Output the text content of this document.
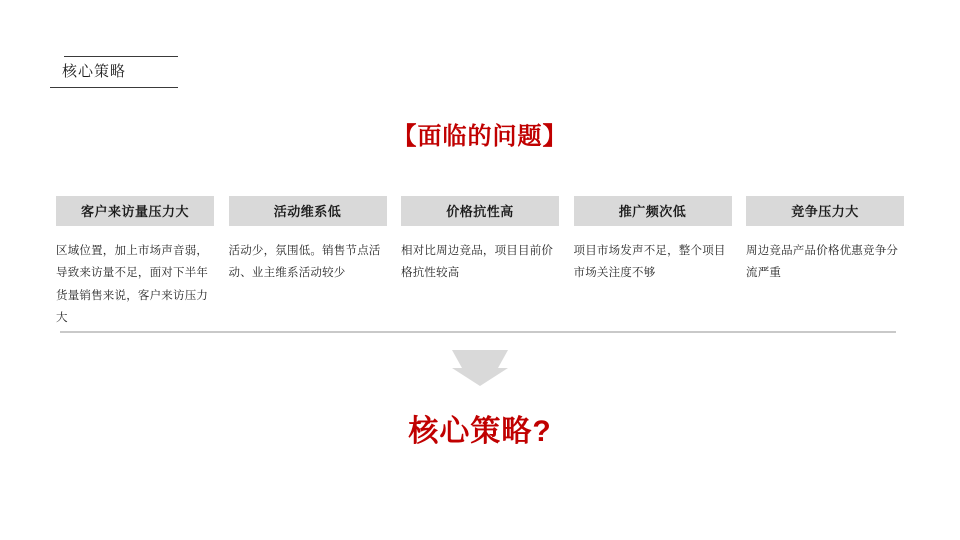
核心策略
【面临的问题】
客户来访量压力大
区域位置，加上市场声音弱，导致来访量不足，面对下半年货量销售来说，客户来访压力大
活动维系低
活动少，氛围低。销售节点活动、业主维系活动较少
价格抗性高
相对比周边竞品，项目目前价格抗性较高
推广频次低
项目市场发声不足，整个项目市场关注度不够
竞争压力大
周边竞品产品价格优惠竞争分流严重
核心策略?
